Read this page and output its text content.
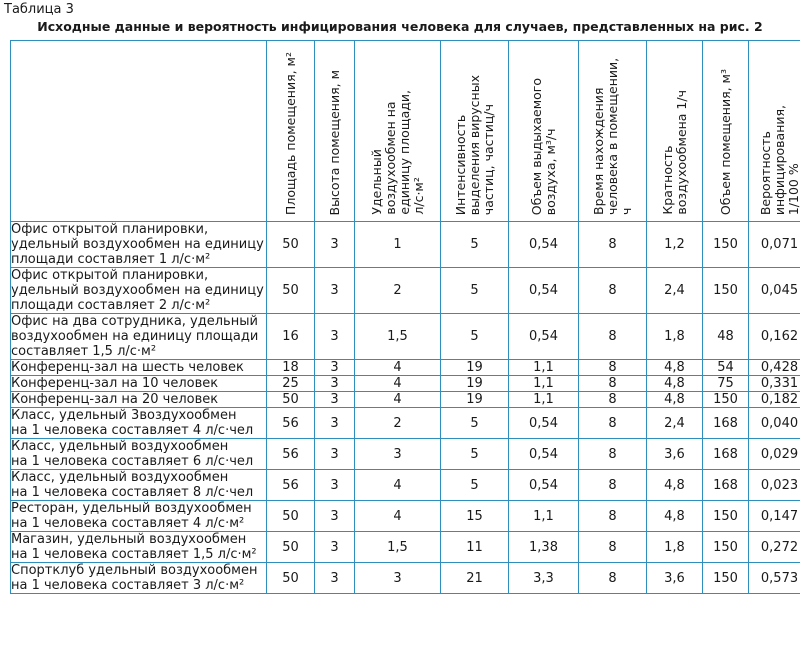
Таблица 3
Исходные данные и вероятность инфицирования человека для случаев, представленных на рис. 2

	Площадь помещения, м²	Высота помещения, м	Удельный воздухообмен на единицу площади, л/с·м²	Интенсивность выделения вирусных частиц, частиц/ч	Объем выдыхаемого воздуха, м³/ч	Время нахождения человека в помещении, ч	Кратность воздухообмена 1/ч	Объем помещения, м³	Вероятность инфицирования, 1/100 %

Офис открытой планировки,
удельный воздухообмен на единицу
площади составляет 1 л/с·м²	50	3	1	5	0,54	8	1,2	150	0,071

Офис открытой планировки,
удельный воздухообмен на единицу
площади составляет 2 л/с·м²	50	3	2	5	0,54	8	2,4	150	0,045

Офис на два сотрудника, удельный
воздухообмен на единицу площади
составляет 1,5 л/с·м²	16	3	1,5	5	0,54	8	1,8	48	0,162

Конференц-зал на шесть человек	18	3	4	19	1,1	8	4,8	54	0,428

Конференц-зал на 10 человек	25	3	4	19	1,1	8	4,8	75	0,331

Конференц-зал на 20 человек	50	3	4	19	1,1	8	4,8	150	0,182

Класс, удельный 3воздухообмен
на 1 человека составляет 4 л/с·чел	56	3	2	5	0,54	8	2,4	168	0,040

Класс, удельный воздухообмен
на 1 человека составляет 6 л/с·чел	56	3	3	5	0,54	8	3,6	168	0,029

Класс, удельный воздухообмен
на 1 человека составляет 8 л/с·чел	56	3	4	5	0,54	8	4,8	168	0,023

Ресторан, удельный воздухообмен
на 1 человека составляет 4 л/с·м²	50	3	4	15	1,1	8	4,8	150	0,147

Магазин, удельный воздухообмен
на 1 человека составляет 1,5 л/с·м²	50	3	1,5	11	1,38	8	1,8	150	0,272

Спортклуб удельный воздухообмен
на 1 человека составляет 3 л/с·м²	50	3	3	21	3,3	8	3,6	150	0,573
